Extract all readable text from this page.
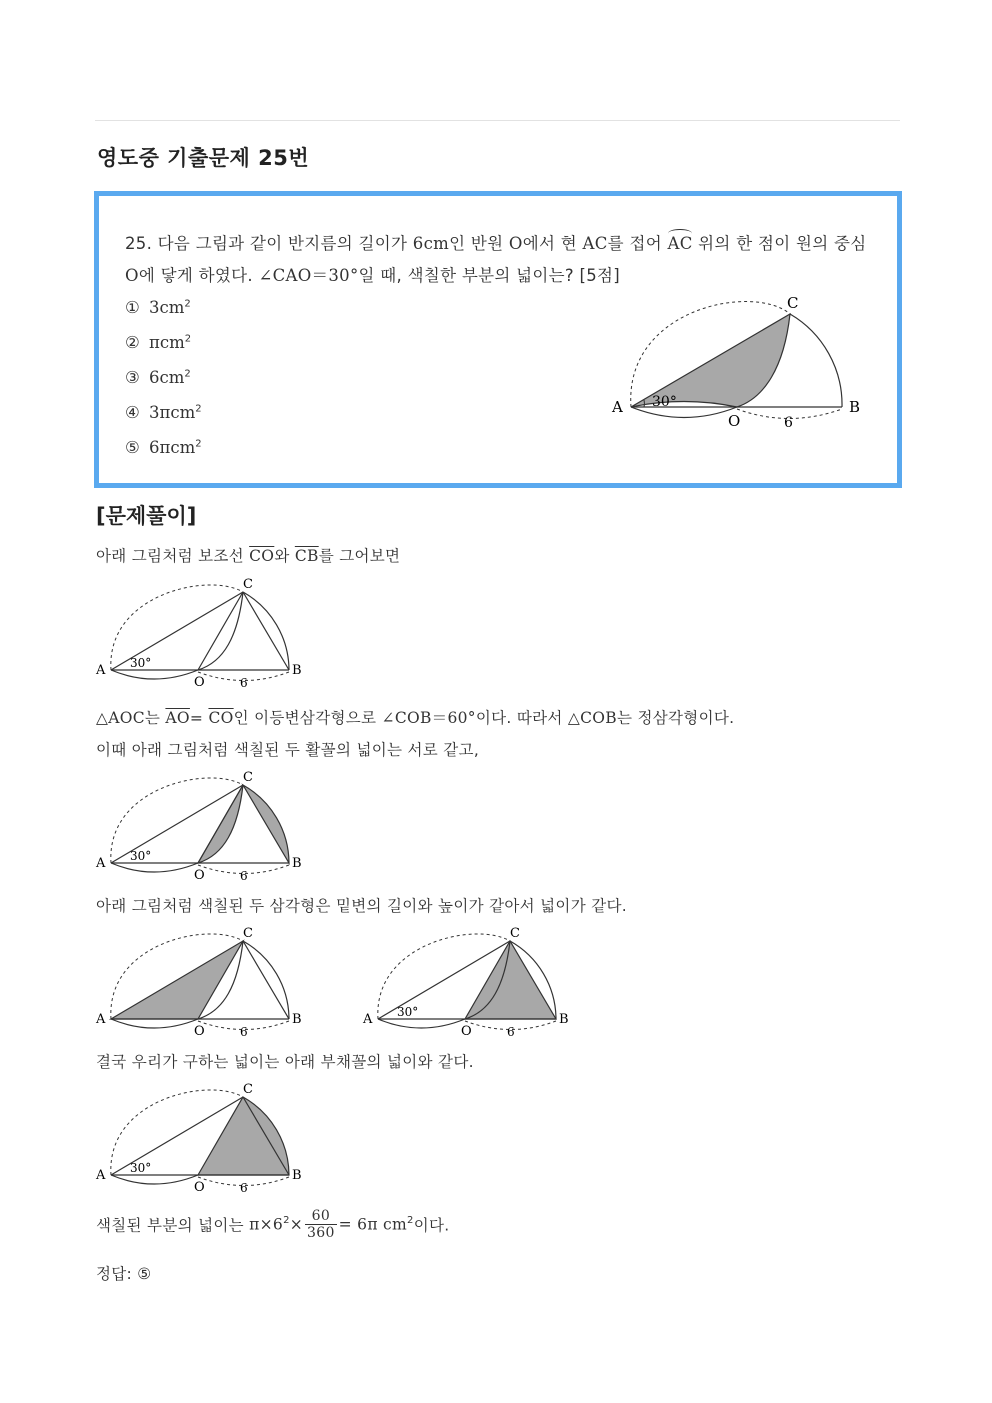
영도중 기출문제 25번
25. 다음 그림과 같이 반지름의 길이가 6cm인 반원 O에서 현 AC를 접어 AC 위의 한 점이 원의 중심
O에 닿게 하였다. ∠CAO＝30°일 때, 색칠한 부분의 넓이는? [5점]
① $3cm^2$
② πcm$^2$
③ $6cm^2$
④ 3πcm$^2$
⑤ 6πcm$^2$
A	B
C
O
30°
6
[문제풀이]
아래 그림처럼 보조선 $\overline{CO}$와 $\overline{CB}$를 그어보면
A	B
C
O
30°
6
△AOC는 $\overline{AO}= \overline{CO}$인 이등변삼각형으로 ∠COB＝60°이다. 따라서 △COB는 정삼각형이다.
이때 아래 그림처럼 색칠된 두 활꼴의 넓이는 서로 같고,
A	B
C
O
30°
6
아래 그림처럼 색칠된 두 삼각형은 밑변의 길이와 높이가 같아서 넓이가 같다.
A	B
C
O	6
A	B
C
O
30°
6
결국 우리가 구하는 넓이는 아래 부채꼴의 넓이와 같다.
A	B
C
O
30°
6
색칠된 부분의 넓이는 $\pi\times 6^2\times \frac{60}{360} = 6\pi$ $cm^2$이다.
정답: ⑤
